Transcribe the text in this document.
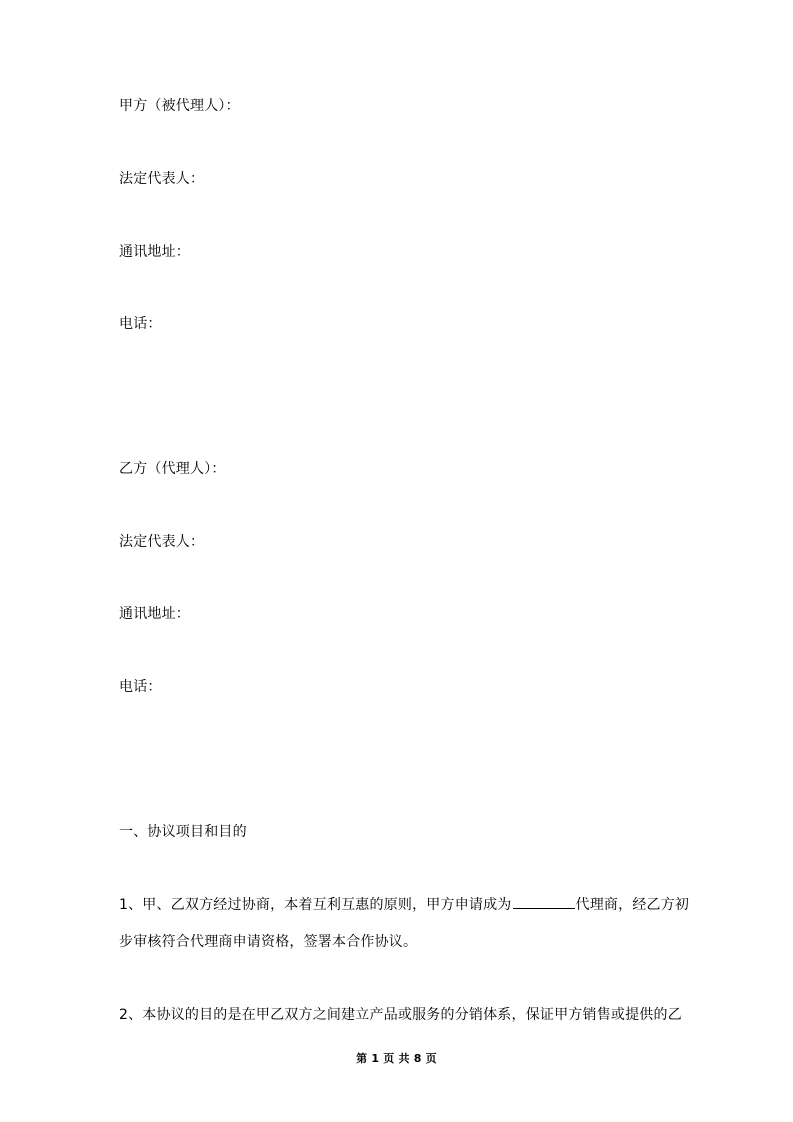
甲方（被代理人）：
法定代表人：
通讯地址：
电话：
乙方（代理人）：
法定代表人：
通讯地址：
电话：
一、协议项目和目的
1、甲、乙双方经过协商，本着互利互惠的原则，甲方申请成为	代理商，经乙方初
步审核符合代理商申请资格，签署本合作协议。
2、本协议的目的是在甲乙双方之间建立产品或服务的分销体系，保证甲方销售或提供的乙
第 1 页 共 8 页
